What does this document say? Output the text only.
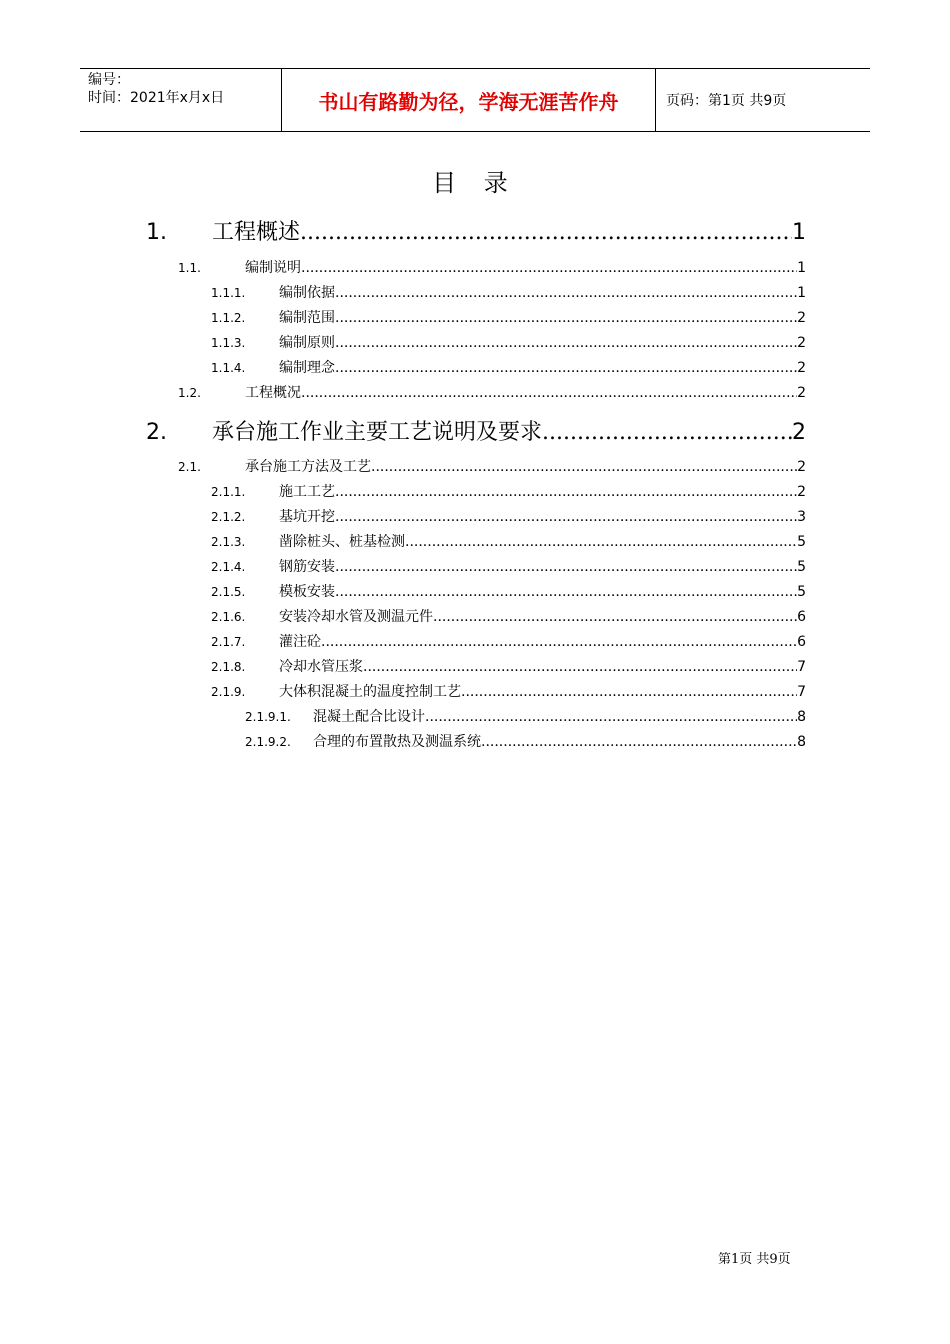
编号：
时间：2021年x月x日	书山有路勤为径，学海无涯苦作舟	页码：第1页 共9页
目 录
1.	工程概述 .....	1
1.1.	编制说明 .....	1
1.1.1.	编制依据 .....	1
1.1.2.	编制范围 .....	2
1.1.3.	编制原则 .....	2
1.1.4.	编制理念 .....	2
1.2.	工程概况 .....	2
2.	承台施工作业主要工艺说明及要求 .....	2
2.1.	承台施工方法及工艺 .....	2
2.1.1.	施工工艺 .....	2
2.1.2.	基坑开挖 .....	3
2.1.3.	凿除桩头、桩基检测 .....	5
2.1.4.	钢筋安装 .....	5
2.1.5.	模板安装 .....	5
2.1.6.	安装冷却水管及测温元件 .....	6
2.1.7.	灌注砼 .....	6
2.1.8.	冷却水管压浆 .....	7
2.1.9.	大体积混凝土的温度控制工艺 .....	7
2.1.9.1.	混凝土配合比设计 .....	8
2.1.9.2.	合理的布置散热及测温系统 .....	8
第1页 共9页
